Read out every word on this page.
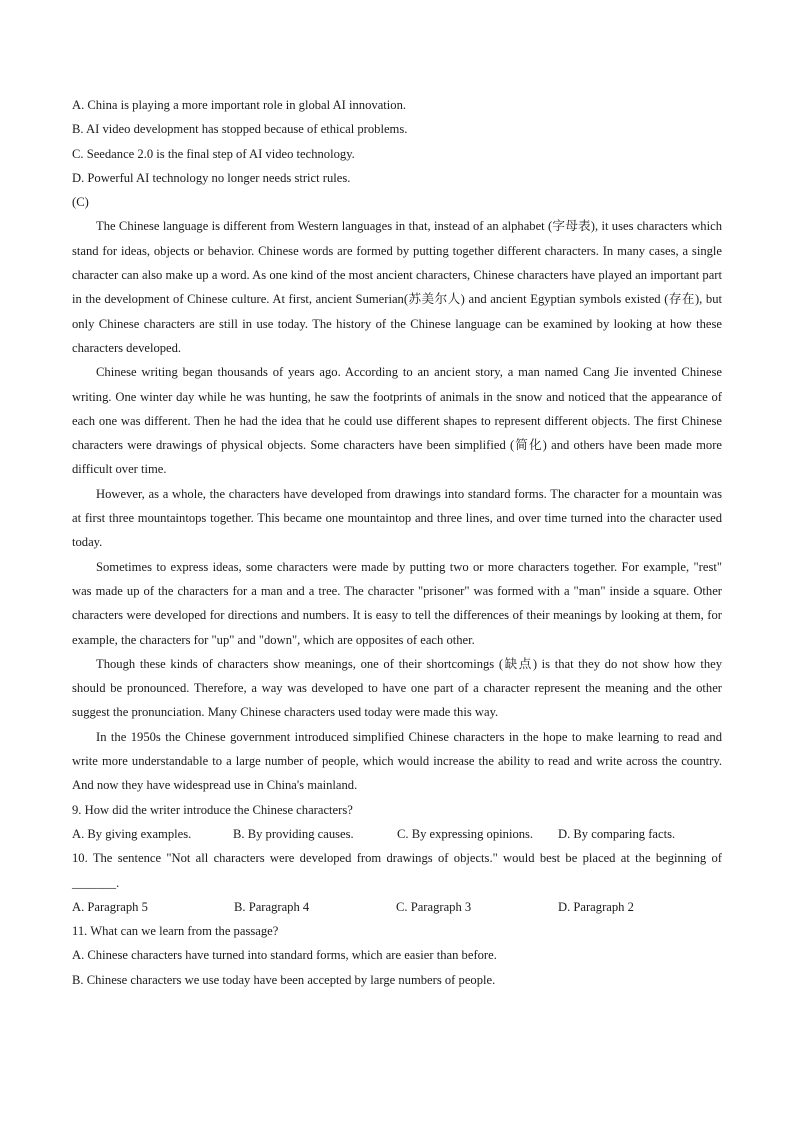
A. China is playing a more important role in global AI innovation.

B. AI video development has stopped because of ethical problems.

C. Seedance 2.0 is the final step of AI video technology.

D. Powerful AI technology no longer needs strict rules.

(C)

The Chinese language is different from Western languages in that, instead of an alphabet (字母表), it uses characters which stand for ideas, objects or behavior. Chinese words are formed by putting together different characters. In many cases, a single character can also make up a word. As one kind of the most ancient characters, Chinese characters have played an important part in the development of Chinese culture. At first, ancient Sumerian(苏美尔人) and ancient Egyptian symbols existed (存在), but only Chinese characters are still in use today. The history of the Chinese language can be examined by looking at how these characters developed.

Chinese writing began thousands of years ago. According to an ancient story, a man named Cang Jie invented Chinese writing. One winter day while he was hunting, he saw the footprints of animals in the snow and noticed that the appearance of each one was different. Then he had the idea that he could use different shapes to represent different objects. The first Chinese characters were drawings of physical objects. Some characters have been simplified (简化) and others have been made more difficult over time.

However, as a whole, the characters have developed from drawings into standard forms. The character for a mountain was at first three mountaintops together. This became one mountaintop and three lines, and over time turned into the character used today.

Sometimes to express ideas, some characters were made by putting two or more characters together. For example, "rest" was made up of the characters for a man and a tree. The character "prisoner" was formed with a "man" inside a square. Other characters were developed for directions and numbers. It is easy to tell the differences of their meanings by looking at them, for example, the characters for "up" and "down", which are opposites of each other.

Though these kinds of characters show meanings, one of their shortcomings (缺点) is that they do not show how they should be pronounced. Therefore, a way was developed to have one part of a character represent the meaning and the other suggest the pronunciation. Many Chinese characters used today were made this way.

In the 1950s the Chinese government introduced simplified Chinese characters in the hope to make learning to read and write more understandable to a large number of people, which would increase the ability to read and write across the country. And now they have widespread use in China's mainland.

9. How did the writer introduce the Chinese characters?

A. By giving examples.	B. By providing causes.	C. By expressing opinions.	D. By comparing facts.

10. The sentence "Not all characters were developed from drawings of objects." would best be placed at the beginning of _______.

A. Paragraph 5	B. Paragraph 4	C. Paragraph 3	D. Paragraph 2

11. What can we learn from the passage?

A. Chinese characters have turned into standard forms, which are easier than before.

B. Chinese characters we use today have been accepted by large numbers of people.
